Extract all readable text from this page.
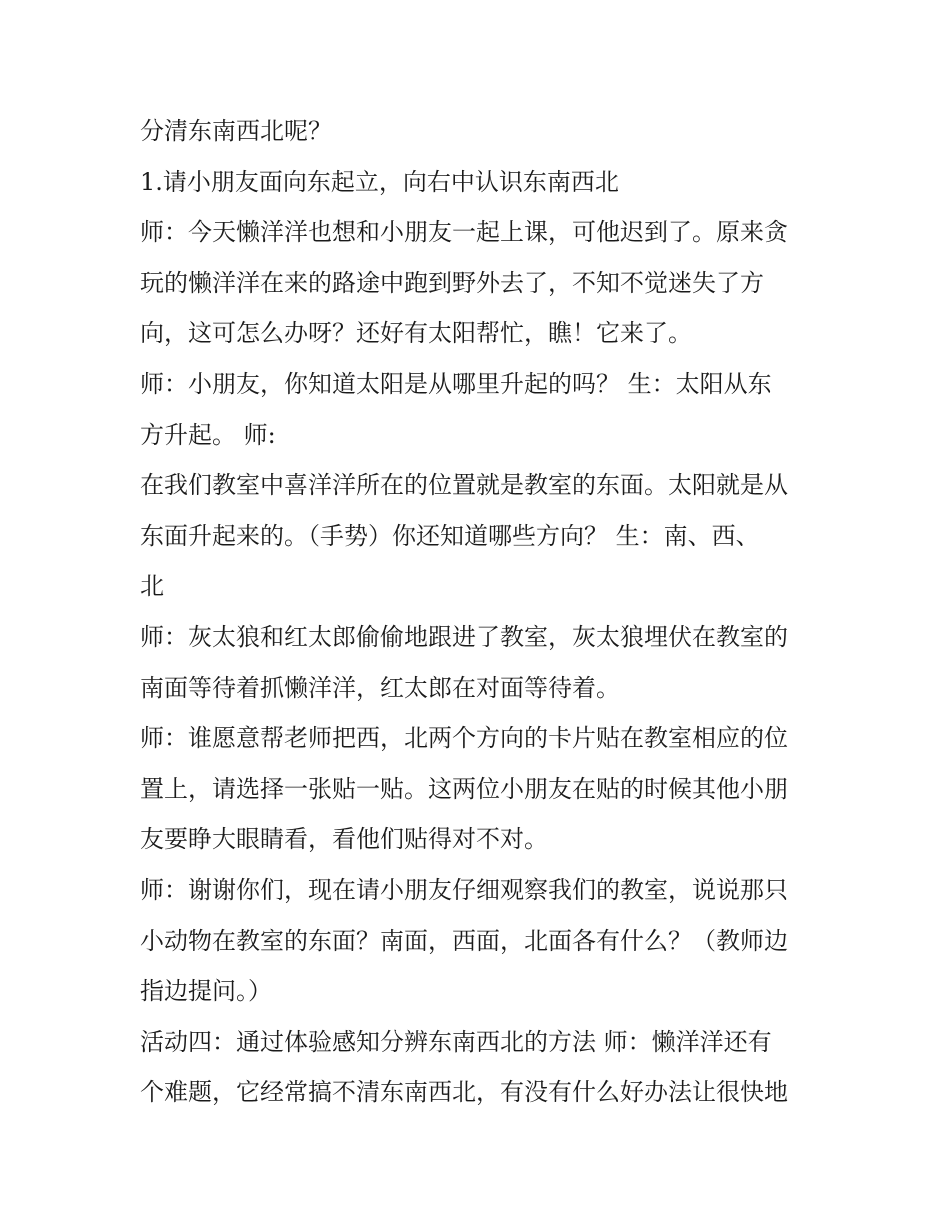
分清东南西北呢？
1.请小朋友面向东起立，向右中认识东南西北
师：今天懒洋洋也想和小朋友一起上课，可他迟到了。原来贪
玩的懒洋洋在来的路途中跑到野外去了，不知不觉迷失了方
向，这可怎么办呀？还好有太阳帮忙，瞧！它来了。
师：小朋友，你知道太阳是从哪里升起的吗？ 生：太阳从东
方升起。 师:
在我们教室中喜洋洋所在的位置就是教室的东面。太阳就是从
东面升起来的。（手势）你还知道哪些方向？ 生：南、西、
北
师：灰太狼和红太郎偷偷地跟进了教室，灰太狼埋伏在教室的
南面等待着抓懒洋洋，红太郎在对面等待着。
师：谁愿意帮老师把西，北两个方向的卡片贴在教室相应的位
置上，请选择一张贴一贴。这两位小朋友在贴的时候其他小朋
友要睁大眼睛看，看他们贴得对不对。
师：谢谢你们，现在请小朋友仔细观察我们的教室，说说那只
小动物在教室的东面？南面，西面，北面各有什么？（教师边
指边提问。）
活动四：通过体验感知分辨东南西北的方法 师：懒洋洋还有
个难题，它经常搞不清东南西北，有没有什么好办法让很快地
